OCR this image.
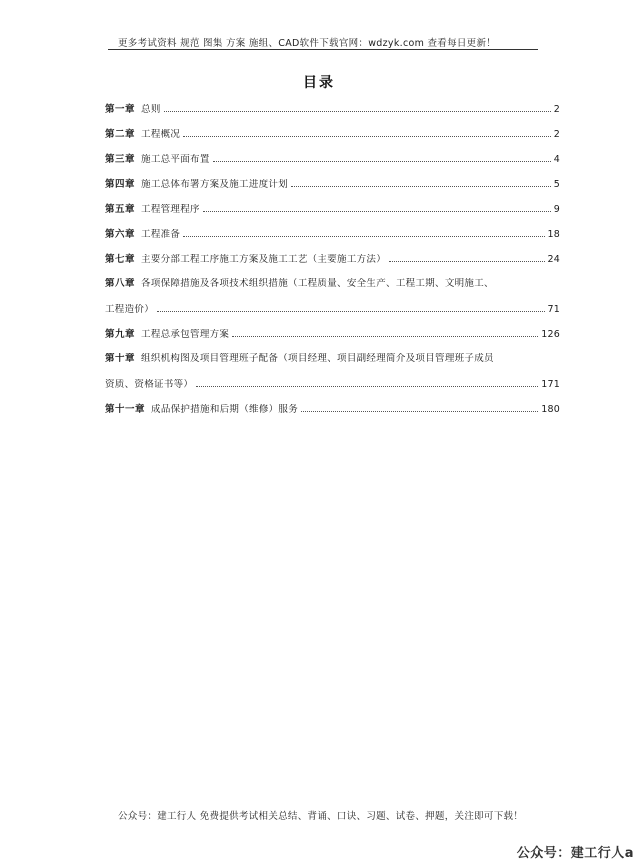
更多考试资料 规范 图集 方案 施组、CAD软件下载官网：wdzyk.com 查看每日更新！
目录
第一章 总则	2
第二章 工程概况	2
第三章 施工总平面布置	4
第四章 施工总体布署方案及施工进度计划	5
第五章 工程管理程序	9
第六章 工程准备	18
第七章 主要分部工程工序施工方案及施工工艺（主要施工方法）	24
第八章 各项保障措施及各项技术组织措施（工程质量、安全生产、工程工期、文明施工、
工程造价）	71
第九章 工程总承包管理方案	126
第十章 组织机构图及项目管理班子配备（项目经理、项目副经理简介及项目管理班子成员
资质、资格证书等）	171
第十一章 成品保护措施和后期（维修）服务	180
公众号：建工行人 免费提供考试相关总结、背诵、口诀、习题、试卷、押题，关注即可下载！
公众号：建工行人a
